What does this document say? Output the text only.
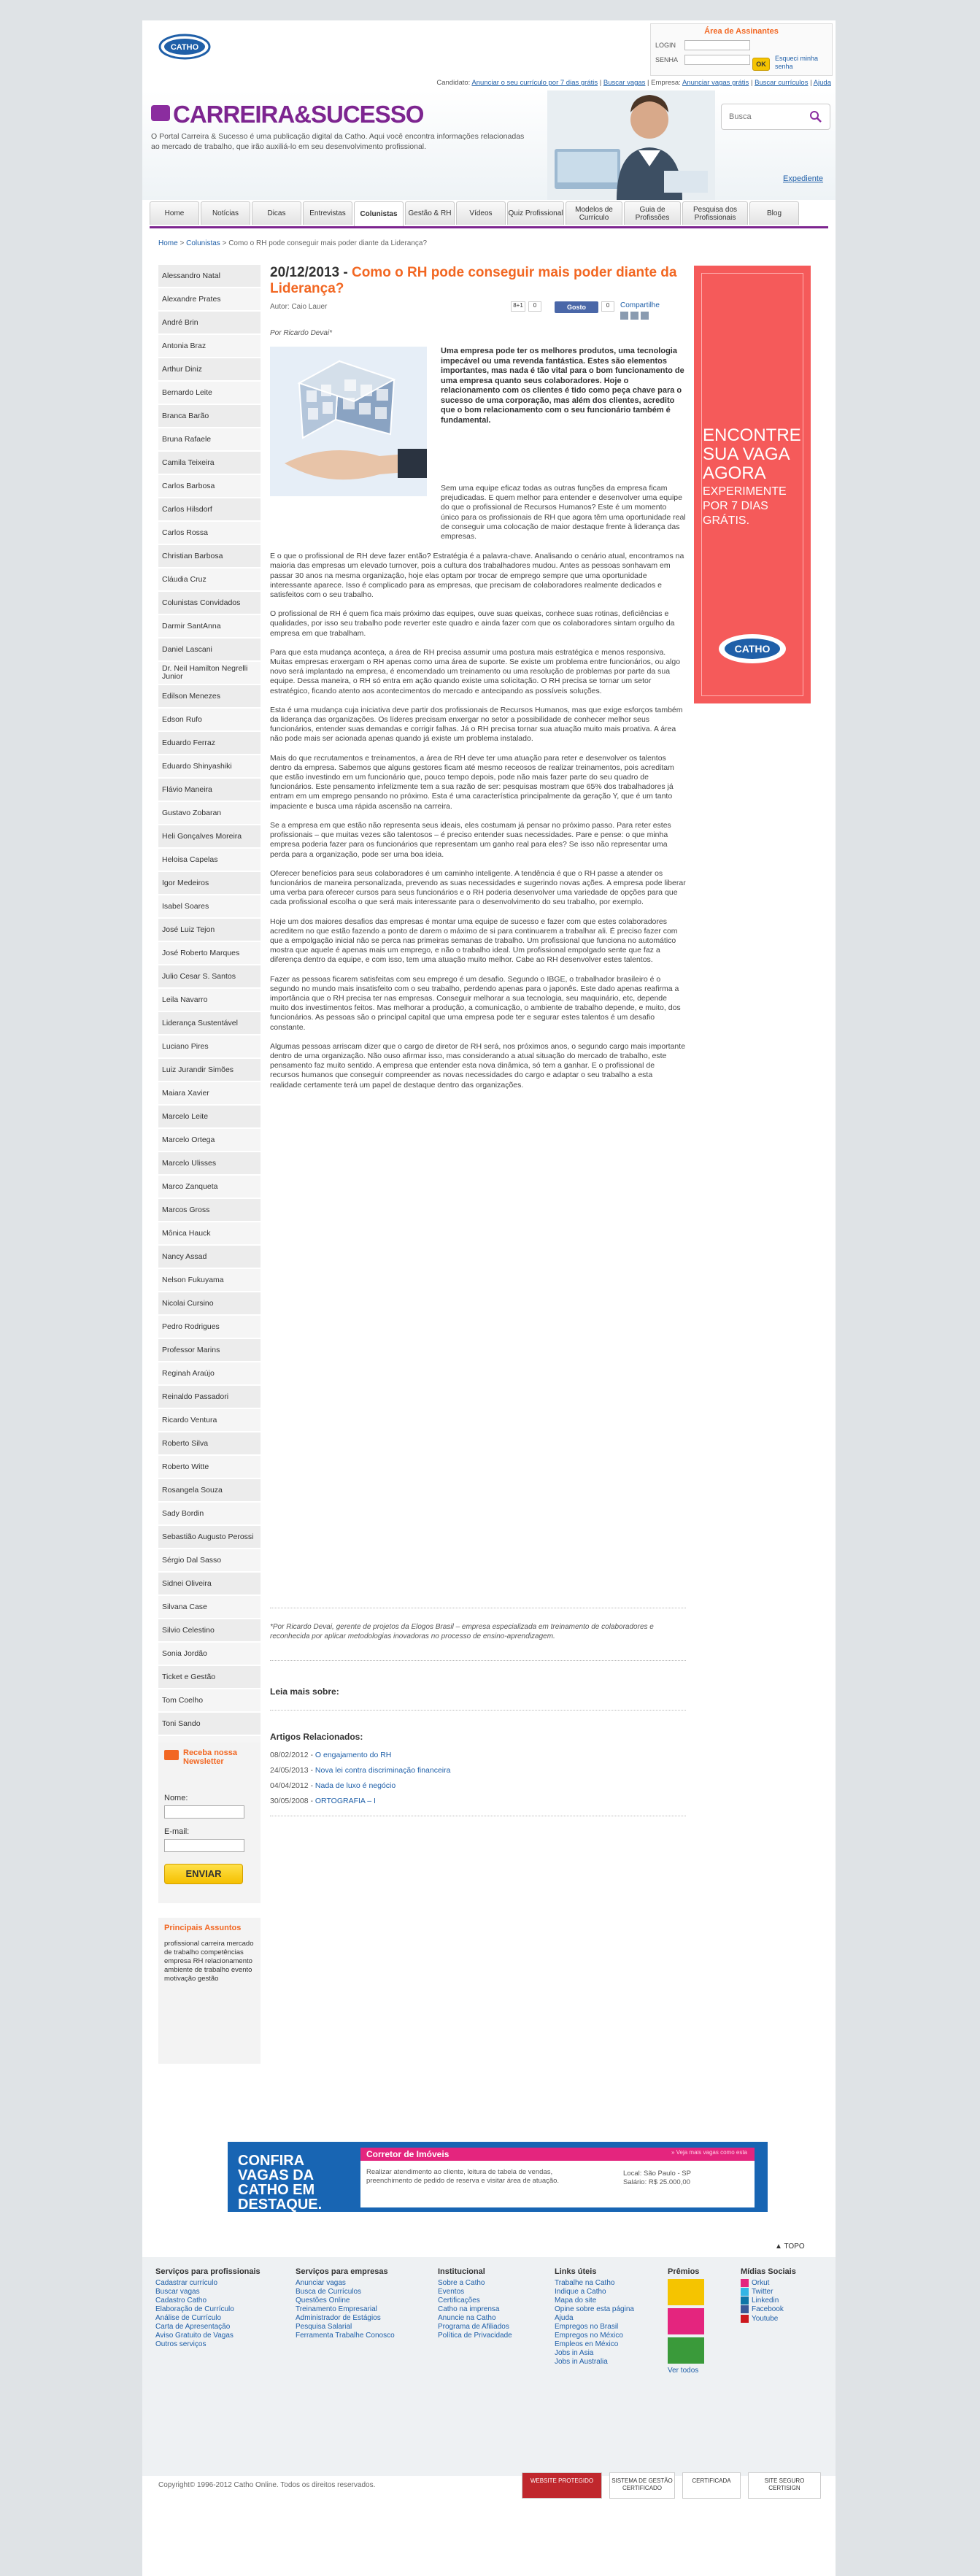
CATHO
Área de Assinantes
LOGIN
SENHA
OK
Esqueci minha senha
Candidato: Anunciar o seu currículo por 7 dias grátis | Buscar vagas | Empresa: Anunciar vagas grátis | Buscar currículos | Ajuda
CARREIRA&SUCESSO
O Portal Carreira & Sucesso é uma publicação digital da Catho. Aqui você encontra informações relacionadas ao mercado de trabalho, que irão auxiliá-lo em seu desenvolvimento profissional.
Busca
Expediente
Home	Notícias	Dicas	Entrevistas	Colunistas	Gestão & RH	Vídeos	Quiz Profissional	Modelos de Currículo
Guia de Profissões
Pesquisa dos Profissionais	Blog
Home > Colunistas > Como o RH pode conseguir mais poder diante da Liderança?
Alessandro Natal
Alexandre Prates
André Brin
Antonia Braz
Arthur Diniz
Bernardo Leite
Branca Barão
Bruna Rafaele
Camila Teixeira
Carlos Barbosa
Carlos Hilsdorf
Carlos Rossa
Christian Barbosa
Cláudia Cruz
Colunistas Convidados
Darmir SantAnna
Daniel Lascani
Dr. Neil Hamilton Negrelli Junior
Edilson Menezes
Edson Rufo
Eduardo Ferraz
Eduardo Shinyashiki
Flávio Maneira
Gustavo Zobaran
Heli Gonçalves Moreira
Heloisa Capelas
Igor Medeiros
Isabel Soares
José Luiz Tejon
José Roberto Marques
Julio Cesar S. Santos
Leila Navarro
Liderança Sustentável
Luciano Pires
Luiz Jurandir Simões
Maiara Xavier
Marcelo Leite
Marcelo Ortega
Marcelo Ulisses
Marco Zanqueta
Marcos Gross
Mônica Hauck
Nancy Assad
Nelson Fukuyama
Nicolai Cursino
Pedro Rodrigues
Professor Marins
Reginah Araújo
Reinaldo Passadori
Ricardo Ventura
Roberto Silva
Roberto Witte
Rosangela Souza
Sady Bordin
Sebastião Augusto Perossi
Sérgio Dal Sasso
Sidnei Oliveira
Silvana Case
Silvio Celestino
Sonia Jordão
Ticket e Gestão
Tom Coelho
Toni Sando
Receba nossa Newsletter
Nome:
E-mail:
ENVIAR
Principais Assuntos
profissional carreira mercado de trabalho competências empresa RH relacionamento ambiente de trabalho evento motivação gestão
20/12/2013 - Como o RH pode conseguir mais poder diante da Liderança?
Autor: Caio Lauer	8+1	0	Gosto	0	Compartilhe
Por Ricardo Devai*
Uma empresa pode ter os melhores produtos, uma tecnologia impecável ou uma revenda fantástica. Estes são elementos importantes, mas nada é tão vital para o bom funcionamento de uma empresa quanto seus colaboradores. Hoje o relacionamento com os clientes é tido como peça chave para o sucesso de uma corporação, mas além dos clientes, acredito que o bom relacionamento com o seu funcionário também é fundamental.

Sem uma equipe eficaz todas as outras funções da empresa ficam prejudicadas. E quem melhor para entender e desenvolver uma equipe do que o profissional de Recursos Humanos? Este é um momento único para os profissionais de RH que agora têm uma oportunidade real de conseguir uma colocação de maior destaque frente à liderança das empresas.

E o que o profissional de RH deve fazer então? Estratégia é a palavra-chave. Analisando o cenário atual, encontramos na maioria das empresas um elevado turnover, pois a cultura dos trabalhadores mudou. Antes as pessoas sonhavam em passar 30 anos na mesma organização, hoje elas optam por trocar de emprego sempre que uma oportunidade interessante aparece. Isso é complicado para as empresas, que precisam de colaboradores realmente dedicados e satisfeitos com o seu trabalho.

O profissional de RH é quem fica mais próximo das equipes, ouve suas queixas, conhece suas rotinas, deficiências e qualidades, por isso seu trabalho pode reverter este quadro e ainda fazer com que os colaboradores sintam orgulho da empresa em que trabalham.

Para que esta mudança aconteça, a área de RH precisa assumir uma postura mais estratégica e menos responsiva. Muitas empresas enxergam o RH apenas como uma área de suporte. Se existe um problema entre funcionários, ou algo novo será implantado na empresa, é encomendado um treinamento ou uma resolução de problemas por parte da sua equipe. Dessa maneira, o RH só entra em ação quando existe uma solicitação. O RH precisa se tornar um setor estratégico, ficando atento aos acontecimentos do mercado e antecipando as possíveis soluções.

Esta é uma mudança cuja iniciativa deve partir dos profissionais de Recursos Humanos, mas que exige esforços também da liderança das organizações. Os líderes precisam enxergar no setor a possibilidade de conhecer melhor seus funcionários, entender suas demandas e corrigir falhas. Já o RH precisa tornar sua atuação muito mais proativa. A área não pode mais ser acionada apenas quando já existe um problema instalado.

Mais do que recrutamentos e treinamentos, a área de RH deve ter uma atuação para reter e desenvolver os talentos dentro da empresa. Sabemos que alguns gestores ficam até mesmo receosos de realizar treinamentos, pois acreditam que estão investindo em um funcionário que, pouco tempo depois, pode não mais fazer parte do seu quadro de funcionários. Este pensamento infelizmente tem a sua razão de ser: pesquisas mostram que 65% dos trabalhadores já entram em um emprego pensando no próximo. Esta é uma característica principalmente da geração Y, que é um tanto impaciente e busca uma rápida ascensão na carreira.

Se a empresa em que estão não representa seus ideais, eles costumam já pensar no próximo passo. Para reter estes profissionais – que muitas vezes são talentosos – é preciso entender suas necessidades. Pare e pense: o que minha empresa poderia fazer para os funcionários que representam um ganho real para eles? Se isso não representar uma perda para a organização, pode ser uma boa ideia.

Oferecer benefícios para seus colaboradores é um caminho inteligente. A tendência é que o RH passe a atender os funcionários de maneira personalizada, prevendo as suas necessidades e sugerindo novas ações. A empresa pode liberar uma verba para oferecer cursos para seus funcionários e o RH poderia desenvolver uma variedade de opções para que cada profissional escolha o que será mais interessante para o desenvolvimento do seu trabalho, por exemplo.

Hoje um dos maiores desafios das empresas é montar uma equipe de sucesso e fazer com que estes colaboradores acreditem no que estão fazendo a ponto de darem o máximo de si para continuarem a trabalhar ali. É preciso fazer com que a empolgação inicial não se perca nas primeiras semanas de trabalho. Um profissional que funciona no automático mostra que aquele é apenas mais um emprego, e não o trabalho ideal. Um profissional empolgado sente que faz a diferença dentro da equipe, e com isso, tem uma atuação muito melhor. Cabe ao RH desenvolver estes talentos.

Fazer as pessoas ficarem satisfeitas com seu emprego é um desafio. Segundo o IBGE, o trabalhador brasileiro é o segundo no mundo mais insatisfeito com o seu trabalho, perdendo apenas para o japonês. Este dado apenas reafirma a importância que o RH precisa ter nas empresas. Conseguir melhorar a sua tecnologia, seu maquinário, etc, depende muito dos investimentos feitos. Mas melhorar a produção, a comunicação, o ambiente de trabalho depende, e muito, dos funcionários. As pessoas são o principal capital que uma empresa pode ter e segurar estes talentos é um desafio constante.

Algumas pessoas arriscam dizer que o cargo de diretor de RH será, nos próximos anos, o segundo cargo mais importante dentro de uma organização. Não ouso afirmar isso, mas considerando a atual situação do mercado de trabalho, este pensamento faz muito sentido. A empresa que entender esta nova dinâmica, só tem a ganhar. E o profissional de recursos humanos que conseguir compreender as novas necessidades do cargo e adaptar o seu trabalho a esta realidade certamente terá um papel de destaque dentro das organizações.

*Por Ricardo Devai, gerente de projetos da Elogos Brasil – empresa especializada em treinamento de colaboradores e reconhecida por aplicar metodologias inovadoras no processo de ensino-aprendizagem.
Leia mais sobre:
Artigos Relacionados:
08/02/2012 - O engajamento do RH
24/05/2013 - Nova lei contra discriminação financeira
04/04/2012 - Nada de luxo é negócio
30/05/2008 - ORTOGRAFIA – I
ENCONTRE SUA VAGA AGORA
EXPERIMENTE POR 7 DIAS GRÁTIS.
CATHO
CONFIRA VAGAS DA CATHO EM DESTAQUE.
Corretor de Imóveis	» Veja mais vagas como esta
Realizar atendimento ao cliente, leitura de tabela de vendas, preenchimento de pedido de reserva e visitar área de atuação.
Local: São Paulo - SP
Salário: R$ 25.000,00
▲ TOPO
Serviços para profissionais
Cadastrar currículo
Buscar vagas
Cadastro Catho
Elaboração de Currículo
Análise de Currículo
Carta de Apresentação
Aviso Gratuito de Vagas
Outros serviços
Serviços para empresas
Anunciar vagas
Busca de Currículos
Questões Online
Treinamento Empresarial
Administrador de Estágios
Pesquisa Salarial
Ferramenta Trabalhe Conosco
Institucional
Sobre a Catho
Eventos
Certificações
Catho na imprensa
Anuncie na Catho
Programa de Afiliados
Política de Privacidade
Links úteis
Trabalhe na Catho
Indique a Catho
Mapa do site
Opine sobre esta página
Ajuda
Empregos no Brasil
Empregos no México
Empleos en México
Jobs in Asia
Jobs in Australia
Prêmios
Ver todos
Mídias Sociais
Orkut
Twitter
Linkedin
Facebook
Youtube
Copyright© 1996-2012 Catho Online. Todos os direitos reservados.
WEBSITE PROTEGIDO	SISTEMA DE GESTÃO CERTIFICADO
CERTIFICADA	SITE SEGURO CERTISIGN
